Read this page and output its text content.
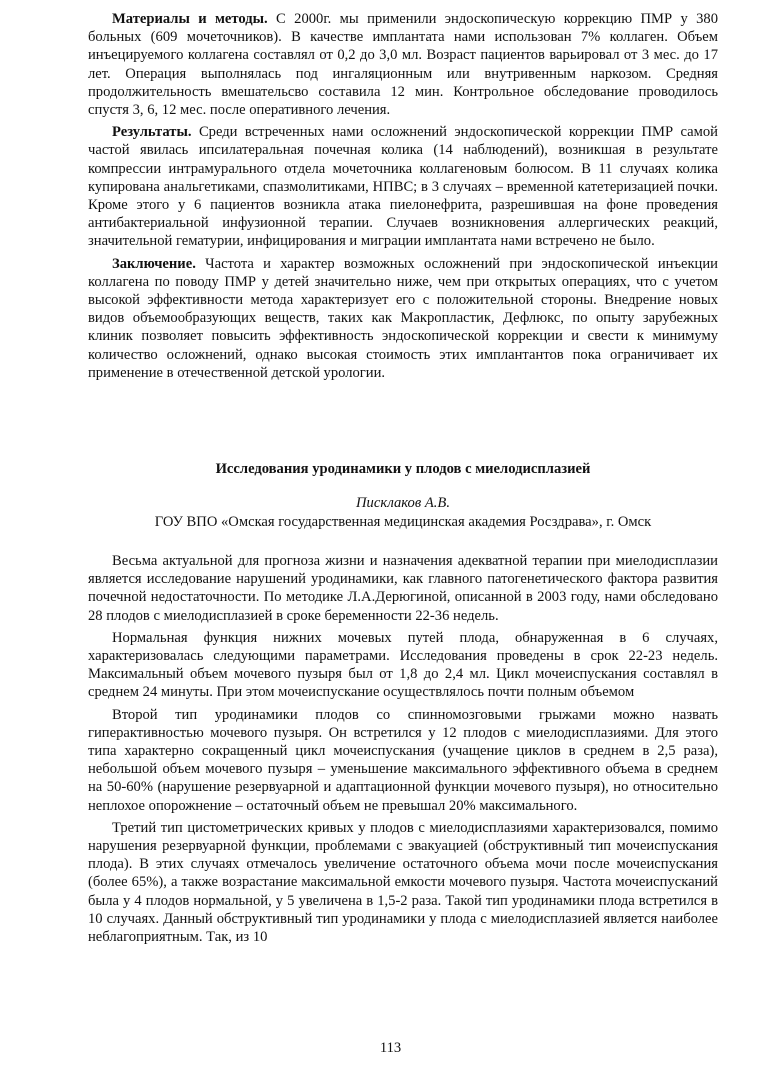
Материалы и методы. С 2000г. мы применили эндоскопическую коррекцию ПМР у 380 больных (609 мочеточников). В качестве имплантата нами использован 7% коллаген. Объем инъецируемого коллагена составлял от 0,2 до 3,0 мл. Возраст пациентов варьировал от 3 мес. до 17 лет. Операция выполнялась под ингаляционным или внутривенным наркозом. Средняя продолжительность вмешательсво составила 12 мин. Контрольное обследование проводилось спустя 3, 6, 12 мес. после оперативного лечения.

Результаты. Среди встреченных нами осложнений эндоскопической коррекции ПМР самой частой явилась ипсилатеральная почечная колика (14 наблюдений), возникшая в результате компрессии интрамурального отдела мочеточника коллагеновым болюсом. В 11 случаях колика купирована анальгетиками, спазмолитиками, НПВС; в 3 случаях – временной катетеризацией почки. Кроме этого у 6 пациентов возникла атака пиелонефрита, разрешившая на фоне проведения антибактериальной инфузионной терапии. Случаев возникновения аллергических реакций, значительной гематурии, инфицирования и миграции имплантата нами встречено не было.

Заключение. Частота и характер возможных осложнений при эндоскопической инъекции коллагена по поводу ПМР у детей значительно ниже, чем при открытых операциях, что с учетом высокой эффективности метода характеризует его с положительной стороны. Внедрение новых видов объемообразующих веществ, таких как Макропластик, Дефлюкс, по опыту зарубежных клиник позволяет повысить эффективность эндоскопической коррекции и свести к минимуму количество осложнений, однако высокая стоимость этих имплантантов пока ограничивает их применение в отечественной детской урологии.

Исследования уродинамики у плодов с миелодисплазией
Писклаков А.В.
ГОУ ВПО «Омская государственная медицинская академия Росздрава», г. Омск

Весьма актуальной для прогноза жизни и назначения адекватной терапии при миелодисплазии является исследование нарушений уродинамики, как главного патогенетического фактора развития почечной недостаточности. По методике Л.А.Дерюгиной, описанной в 2003 году, нами обследовано 28 плодов с миелодисплазией в сроке беременности 22-36 недель.

Нормальная функция нижних мочевых путей плода, обнаруженная в 6 случаях, характеризовалась следующими параметрами. Исследования проведены в срок 22-23 недель. Максимальный объем мочевого пузыря был от 1,8 до 2,4 мл. Цикл мочеиспускания составлял в среднем 24 минуты. При этом мочеиспускание осуществлялось почти полным объемом

Второй тип уродинамики плодов со спинномозговыми грыжами можно назвать гиперактивностью мочевого пузыря. Он встретился у 12 плодов с миелодисплазиями. Для этого типа характерно сокращенный цикл мочеиспускания (учащение циклов в среднем в 2,5 раза), небольшой объем мочевого пузыря – уменьшение максимального эффективного объема в среднем на 50-60% (нарушение резервуарной и адаптационной функции мочевого пузыря), но относительно неплохое опорожнение – остаточный объем не превышал 20% максимального.

Третий тип цистометрических кривых у плодов с миелодисплазиями характеризовался, помимо нарушения резервуарной функции, проблемами с эвакуацией (обструктивный тип мочеиспускания плода). В этих случаях отмечалось увеличение остаточного объема мочи после мочеиспускания (более 65%), а также возрастание максимальной емкости мочевого пузыря. Частота мочеиспусканий была у 4 плодов нормальной, у 5 увеличена в 1,5-2 раза. Такой тип уродинамики плода встретился в 10 случаях. Данный обструктивный тип уродинамики у плода с миелодисплазией является наиболее неблагоприятным. Так, из 10

113
